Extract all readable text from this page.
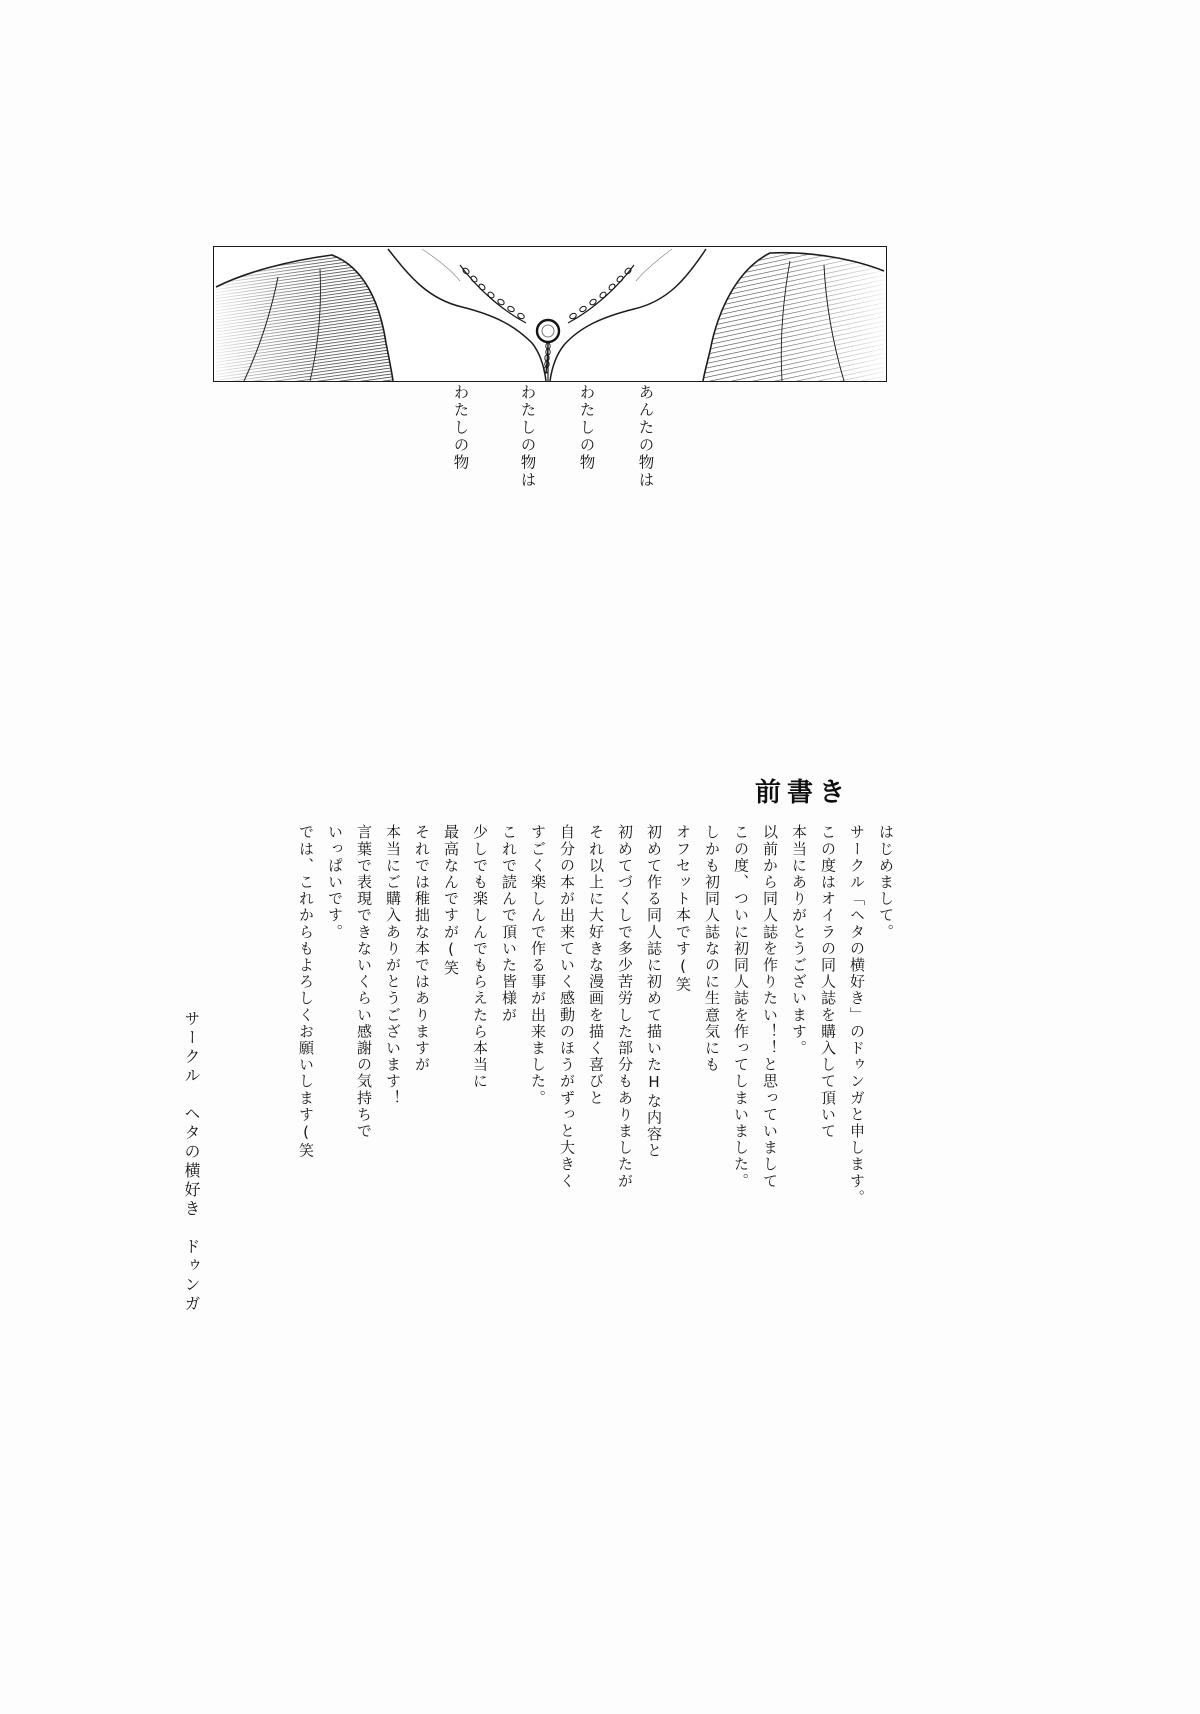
あんたの物は
わたしの物
わたしの物は
わたしの物
前書き
はじめまして。
サークル「ヘタの横好き」のドゥンガと申します。
この度はオイラの同人誌を購入して頂いて
本当にありがとうございます。
以前から同人誌を作りたい！！と思っていまして
この度、ついに初同人誌を作ってしまいました。
しかも初同人誌なのに生意気にも
オフセット本です(笑
初めて作る同人誌に初めて描いたHな内容と
初めてづくしで多少苦労した部分もありましたが
それ以上に大好きな漫画を描く喜びと
自分の本が出来ていく感動のほうがずっと大きく
すごく楽しんで作る事が出来ました。
これで読んで頂いた皆様が
少しでも楽しんでもらえたら本当に
最高なんですが(笑
それでは稚拙な本ではありますが
本当にご購入ありがとうございます！
言葉で表現できないくらい感謝の気持ちで
いっぱいです。
では、これからもよろしくお願いします(笑
サークル　ヘタの横好き　ドゥンガ
